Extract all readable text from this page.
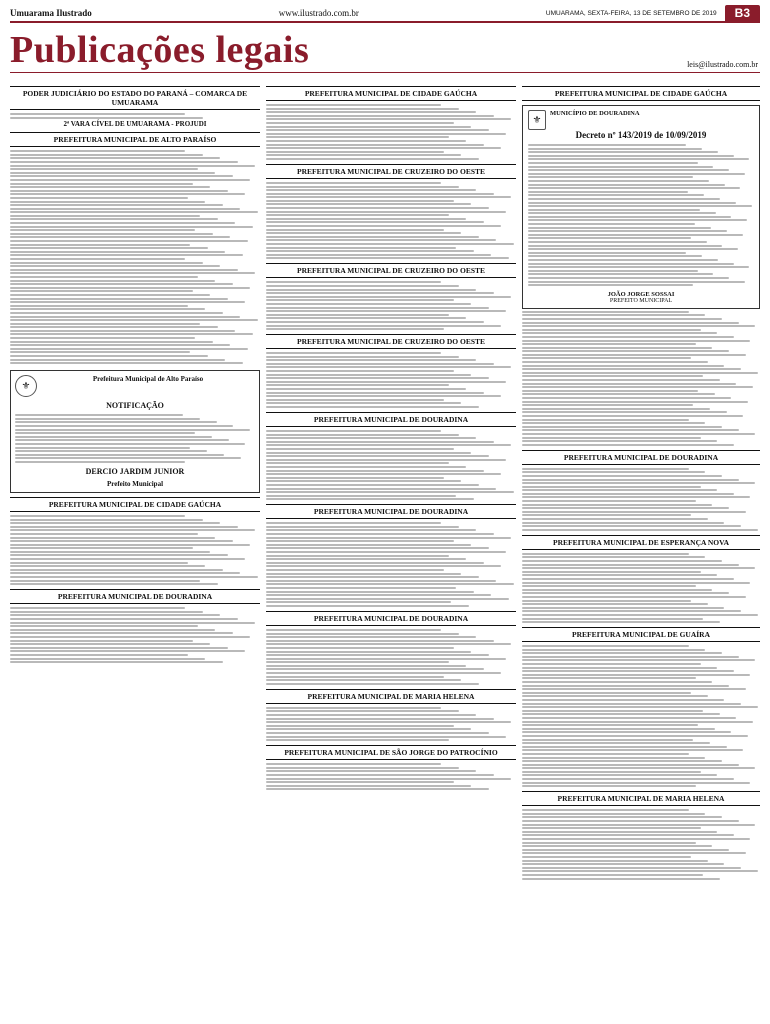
Umuarama Ilustrado	www.ilustrado.com.br	UMUARAMA, SEXTA-FEIRA, 13 DE SETEMBRO DE 2019	B3
Publicações legais	leis@ilustrado.com.br
PODER JUDICIÁRIO DO ESTADO DO PARANÁ – COMARCA DE UMUARAMA
2ª VARA CÍVEL DE UMUARAMA - PROJUDI
PREFEITURA MUNICIPAL DE ALTO PARAÍSO
⚜
Prefeitura Municipal de Alto Paraíso
NOTIFICAÇÃO
DERCIO JARDIM JUNIOR
Prefeito Municipal
PREFEITURA MUNICIPAL DE CIDADE GAÚCHA
PREFEITURA MUNICIPAL DE DOURADINA
PREFEITURA MUNICIPAL DE CIDADE GAÚCHA
PREFEITURA MUNICIPAL DE CRUZEIRO DO OESTE
PREFEITURA MUNICIPAL DE CRUZEIRO DO OESTE
PREFEITURA MUNICIPAL DE CRUZEIRO DO OESTE
PREFEITURA MUNICIPAL DE DOURADINA
PREFEITURA MUNICIPAL DE DOURADINA
PREFEITURA MUNICIPAL DE DOURADINA
PREFEITURA MUNICIPAL DE MARIA HELENA
PREFEITURA MUNICIPAL DE SÃO JORGE DO PATROCÍNIO
PREFEITURA MUNICIPAL DE CIDADE GAÚCHA
⚜
MUNICÍPIO DE DOURADINA
Decreto nº 143/2019 de 10/09/2019
JOÃO JORGE SOSSAI
PREFEITO MUNICIPAL
PREFEITURA MUNICIPAL DE DOURADINA
PREFEITURA MUNICIPAL DE ESPERANÇA NOVA
PREFEITURA MUNICIPAL DE GUAÍRA
PREFEITURA MUNICIPAL DE MARIA HELENA
